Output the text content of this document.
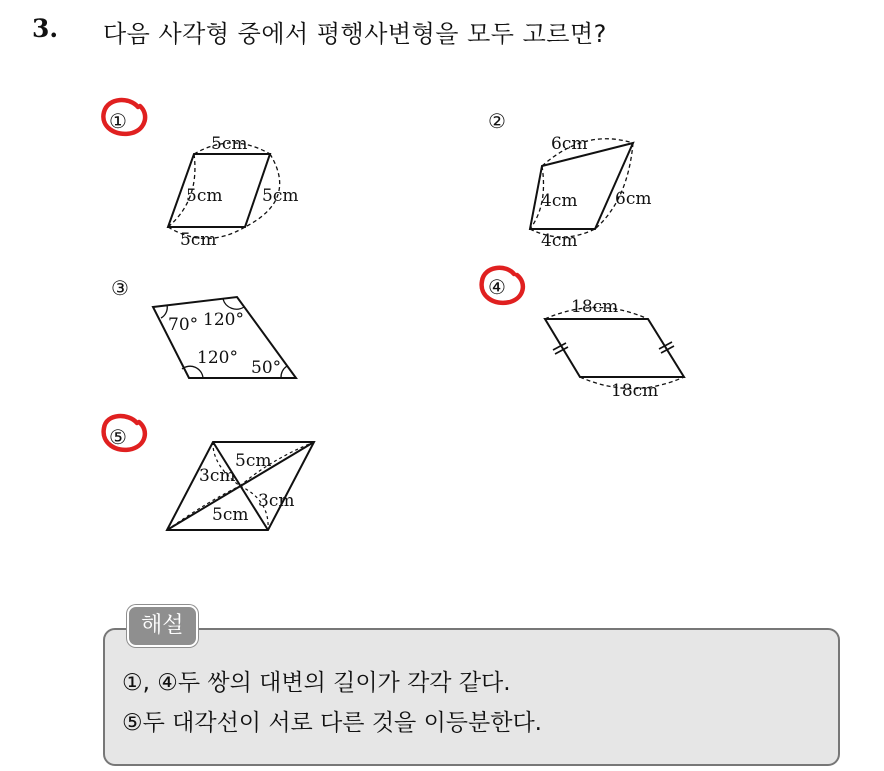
3. 다음 사각형 중에서 평행사변형을 모두 고르면?
①	②
③	④
⑤
5cm
5cm 5cm
5cm
6cm
4cm 6cm
4cm
70° 120°
120° 50°
18cm
18cm
5cm
3cm
3cm
5cm
해설
①, ④두 쌍의 대변의 길이가 각각 같다.
⑤두 대각선이 서로 다른 것을 이등분한다.
